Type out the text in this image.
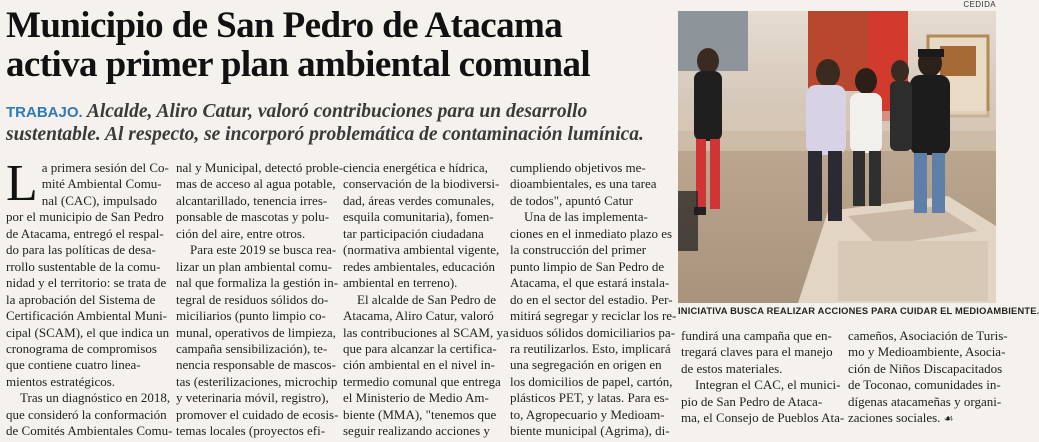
CEDIDA
Municipio de San Pedro de Atacama
activa primer plan ambiental comunal
TRABAJO. Alcalde, Aliro Catur, valoró contribuciones para un desarrollo
sustentable. Al respecto, se incorporó problemática de contaminación lumínica.
L a primera sesión del Co-
mité Ambiental Comu-
nal (CAC), impulsado
por el municipio de San Pedro
de Atacama, entregó el respal-
do para las políticas de desa-
rrollo sustentable de la comu-
nidad y el territorio: se trata de
la aprobación del Sistema de
Certificación Ambiental Muni-
cipal (SCAM), el que indica un
cronograma de compromisos
que contiene cuatro linea-
mientos estratégicos.
Tras un diagnóstico en 2018,
que consideró la conformación
de Comités Ambientales Comu-
nal y Municipal, detectó proble-
mas de acceso al agua potable,
alcantarillado, tenencia irres-
ponsable de mascotas y polu-
ción del aire, entre otros.
Para este 2019 se busca rea-
lizar un plan ambiental comu-
nal que formaliza la gestión in-
tegral de residuos sólidos do-
miciliarios (punto limpio co-
munal, operativos de limpieza,
campaña sensibilización), te-
nencia responsable de mascos-
tas (esterilizaciones, microchip
y veterinaria móvil, registro),
promover el cuidado de ecosis-
temas locales (proyectos efi-
ciencia energética e hídrica,
conservación de la biodiversi-
dad, áreas verdes comunales,
esquila comunitaria), fomen-
tar participación ciudadana
(normativa ambiental vigente,
redes ambientales, educación
ambiental en terreno).
El alcalde de San Pedro de
Atacama, Aliro Catur, valoró
las contribuciones al SCAM, ya
que para alcanzar la certifica-
ción ambiental en el nivel in-
termedio comunal que entrega
el Ministerio de Medio Am-
biente (MMA), "tenemos que
seguir realizando acciones y
cumpliendo objetivos me-
dioambientales, es una tarea
de todos", apuntó Catur
Una de las implementa-
ciones en el inmediato plazo es
la construcción del primer
punto limpio de San Pedro de
Atacama, el que estará instala-
do en el sector del estadio. Per-
mitirá segregar y reciclar los re-
siduos sólidos domiciliarios pa-
ra reutilizarlos. Esto, implicará
una segregación en origen en
los domicilios de papel, cartón,
plásticos PET, y latas. Para es-
to, Agropecuario y Medioam-
biente municipal (Agrima), di-
INICIATIVA BUSCA REALIZAR ACCIONES PARA CUIDAR EL MEDIOAMBIENTE.
fundirá una campaña que en-
tregará claves para el manejo
de estos materiales.
Integran el CAC, el munici-
pio de San Pedro de Ataca-
ma, el Consejo de Pueblos Ata-
cameños, Asociación de Turis-
mo y Medioambiente, Asocia-
ción de Niños Discapacitados
de Toconao, comunidades in-
dígenas atacameñas y organi-
zaciones sociales. ☙
